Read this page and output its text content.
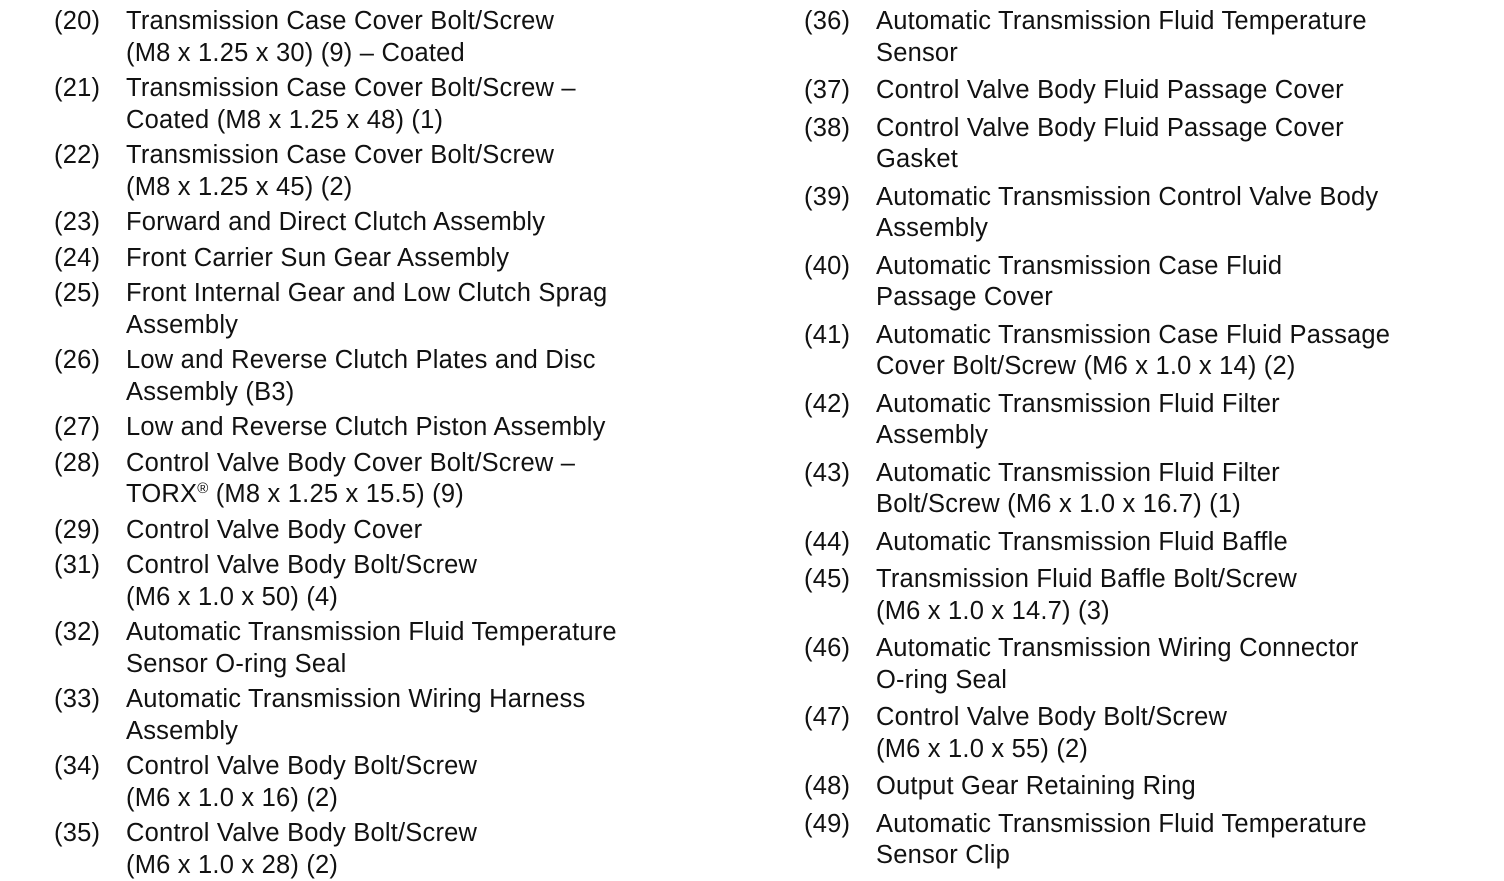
(20)	Transmission Case Cover Bolt/Screw
(M8 x 1.25 x 30) (9) – Coated
(21)	Transmission Case Cover Bolt/Screw –
Coated (M8 x 1.25 x 48) (1)
(22)	Transmission Case Cover Bolt/Screw
(M8 x 1.25 x 45) (2)
(23)	Forward and Direct Clutch Assembly
(24)	Front Carrier Sun Gear Assembly
(25)	Front Internal Gear and Low Clutch Sprag
Assembly
(26)	Low and Reverse Clutch Plates and Disc
Assembly (B3)
(27)	Low and Reverse Clutch Piston Assembly
(28)	Control Valve Body Cover Bolt/Screw –
TORX® (M8 x 1.25 x 15.5) (9)
(29)	Control Valve Body Cover
(31)	Control Valve Body Bolt/Screw
(M6 x 1.0 x 50) (4)
(32)	Automatic Transmission Fluid Temperature
Sensor O-ring Seal
(33)	Automatic Transmission Wiring Harness
Assembly
(34)	Control Valve Body Bolt/Screw
(M6 x 1.0 x 16) (2)
(35)	Control Valve Body Bolt/Screw
(M6 x 1.0 x 28) (2)
(36)	Automatic Transmission Fluid Temperature
Sensor
(37)	Control Valve Body Fluid Passage Cover
(38)	Control Valve Body Fluid Passage Cover
Gasket
(39)	Automatic Transmission Control Valve Body
Assembly
(40)	Automatic Transmission Case Fluid
Passage Cover
(41)	Automatic Transmission Case Fluid Passage
Cover Bolt/Screw (M6 x 1.0 x 14) (2)
(42)	Automatic Transmission Fluid Filter
Assembly
(43)	Automatic Transmission Fluid Filter
Bolt/Screw (M6 x 1.0 x 16.7) (1)
(44)	Automatic Transmission Fluid Baffle
(45)	Transmission Fluid Baffle Bolt/Screw
(M6 x 1.0 x 14.7) (3)
(46)	Automatic Transmission Wiring Connector
O-ring Seal
(47)	Control Valve Body Bolt/Screw
(M6 x 1.0 x 55) (2)
(48)	Output Gear Retaining Ring
(49)	Automatic Transmission Fluid Temperature
Sensor Clip
